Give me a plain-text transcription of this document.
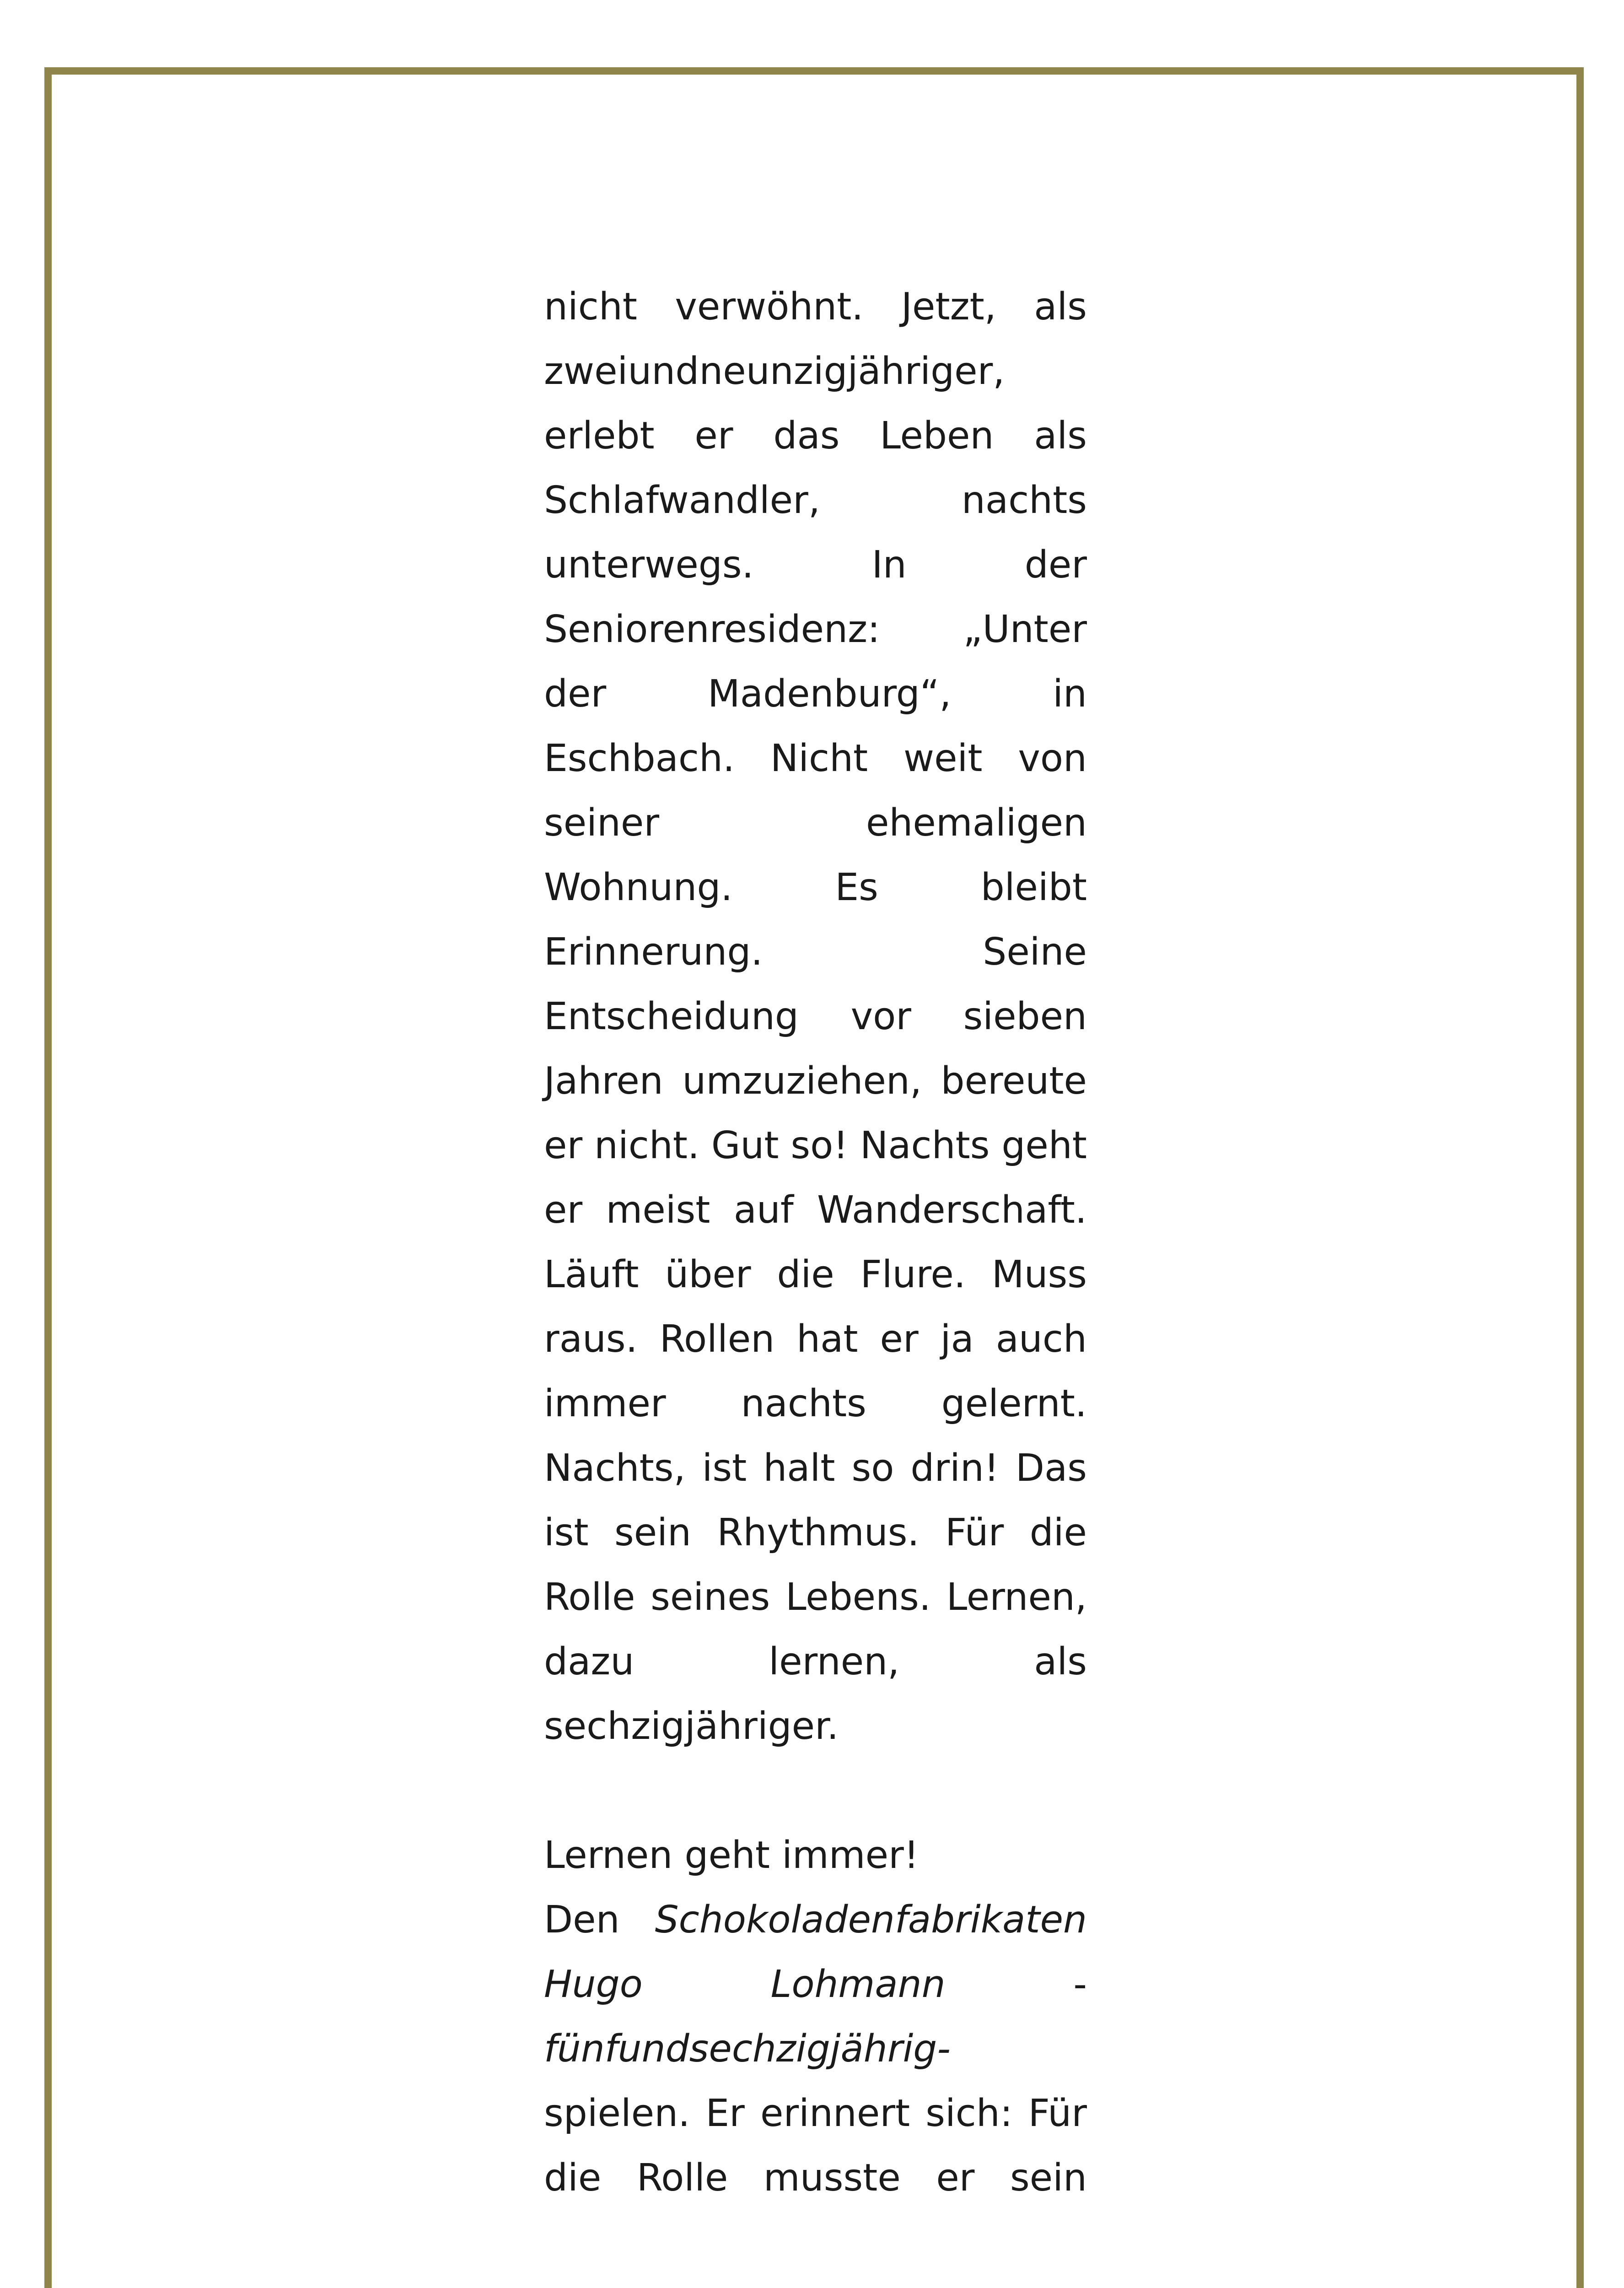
nicht verwöhnt. Jetzt, als
zweiundneunzigjähriger,
erlebt er das Leben als
Schlafwandler,	nachts
unterwegs.	In	der
Seniorenresidenz: „Unter
der	Madenburg“,	in
Eschbach. Nicht weit von
seiner	ehemaligen
Wohnung.	Es	bleibt
Erinnerung.	Seine
Entscheidung vor sieben
Jahren umzuziehen, bereute
er nicht. Gut so! Nachts geht
er meist auf Wanderschaft.
Läuft über die Flure. Muss
raus. Rollen hat er ja auch
immer nachts gelernt.
Nachts, ist halt so drin! Das
ist sein Rhythmus. Für die
Rolle seines Lebens. Lernen,
dazu	lernen,	als
sechzigjähriger.
Lernen geht immer!
Den Schokoladenfabrikaten
Hugo	Lohmann	-
fünfundsechzigjährig-
spielen. Er erinnert sich: Für
die Rolle musste er sein
